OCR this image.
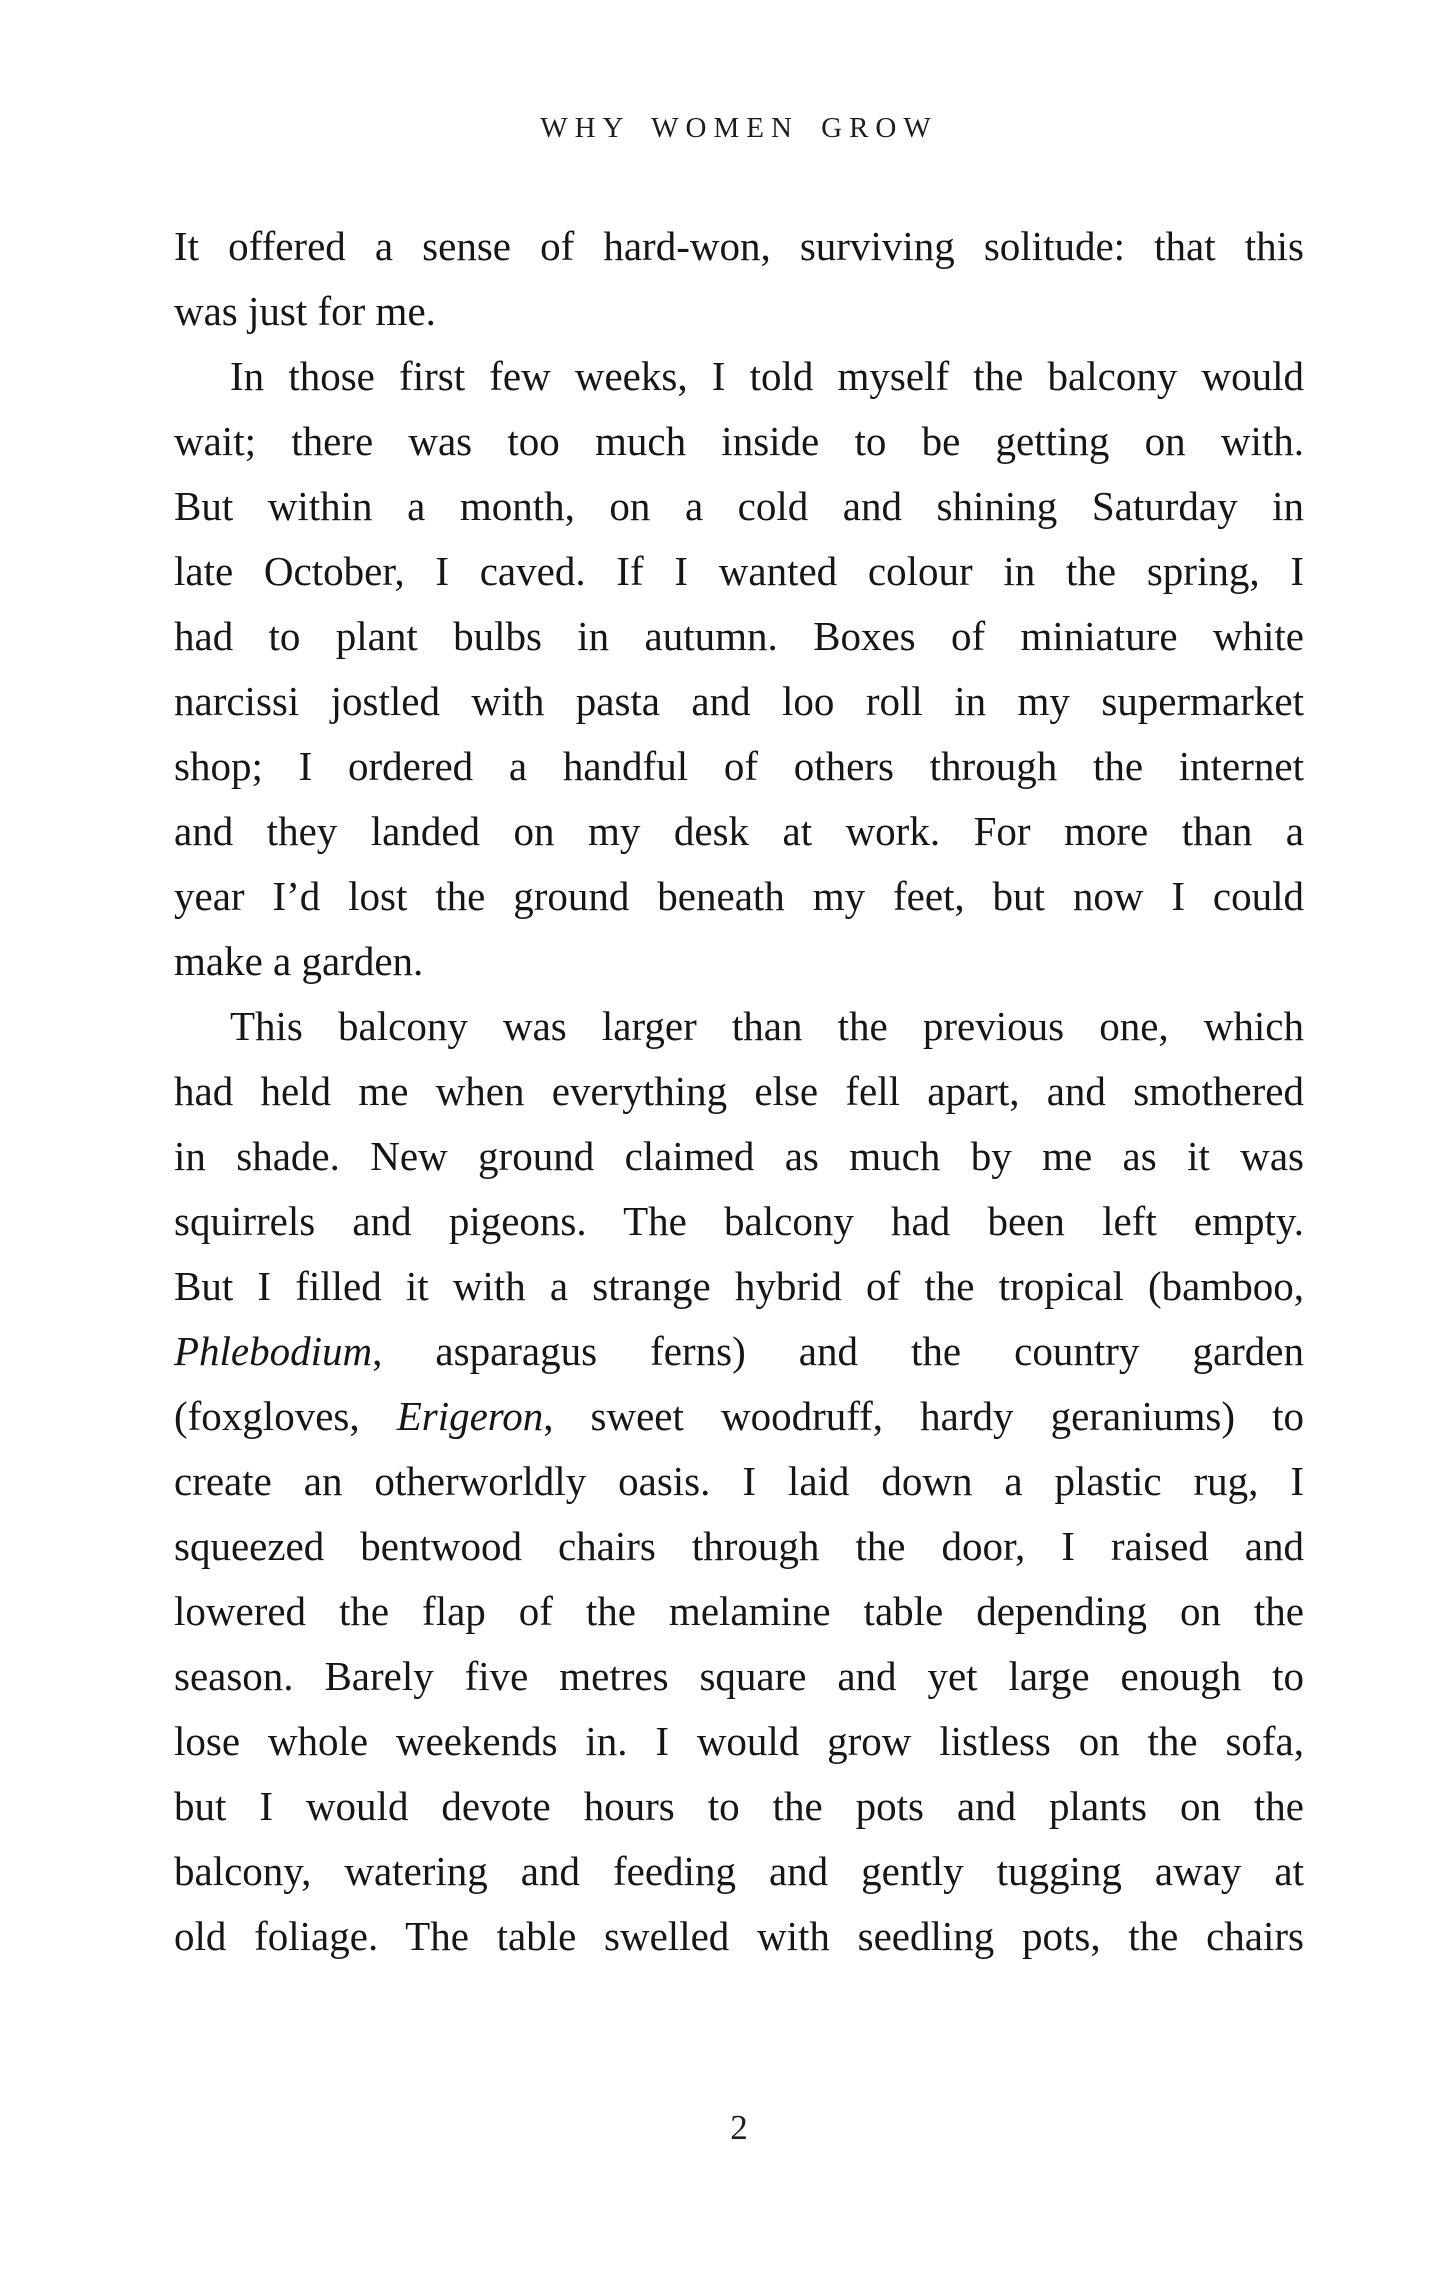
WHY WOMEN GROW
It offered a sense of hard-won, surviving solitude: that this
was just for me.
In those first few weeks, I told myself the balcony would
wait; there was too much inside to be getting on with.
But within a month, on a cold and shining Saturday in
late October, I caved. If I wanted colour in the spring, I
had to plant bulbs in autumn. Boxes of miniature white
narcissi jostled with pasta and loo roll in my supermarket
shop; I ordered a handful of others through the internet
and they landed on my desk at work. For more than a
year I’d lost the ground beneath my feet, but now I could
make a garden.
This balcony was larger than the previous one, which
had held me when everything else fell apart, and smothered
in shade. New ground claimed as much by me as it was
squirrels and pigeons. The balcony had been left empty.
But I filled it with a strange hybrid of the tropical (bamboo,
Phlebodium, asparagus ferns) and the country garden
(foxgloves, Erigeron, sweet woodruff, hardy geraniums) to
create an otherworldly oasis. I laid down a plastic rug, I
squeezed bentwood chairs through the door, I raised and
lowered the flap of the melamine table depending on the
season. Barely five metres square and yet large enough to
lose whole weekends in. I would grow listless on the sofa,
but I would devote hours to the pots and plants on the
balcony, watering and feeding and gently tugging away at
old foliage. The table swelled with seedling pots, the chairs
2
